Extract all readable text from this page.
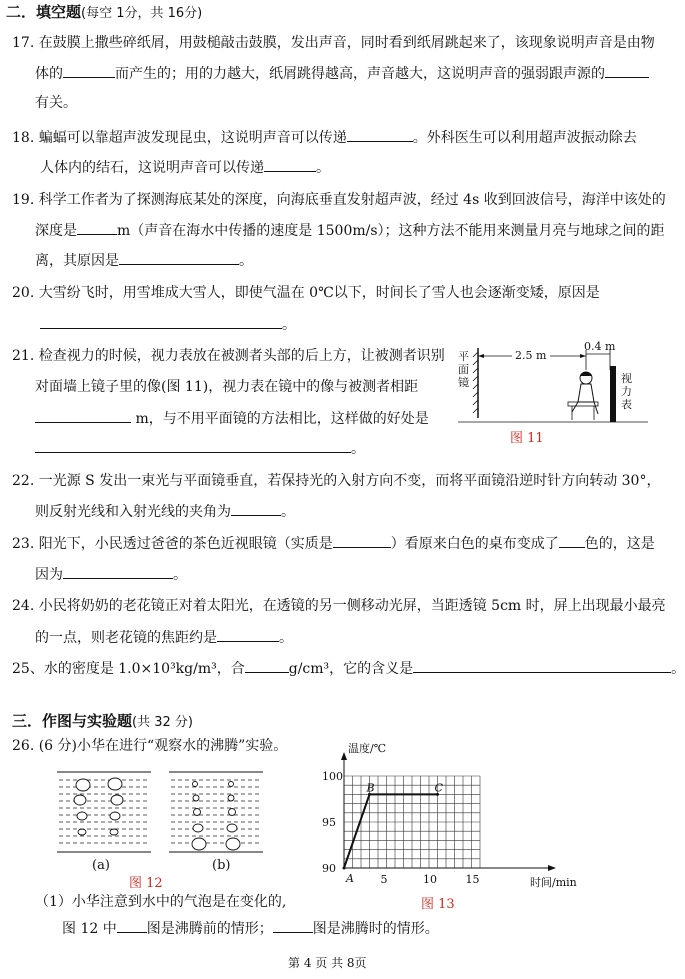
二．填空题(每空 1分，共 16分)
17. 在鼓膜上撒些碎纸屑，用鼓槌敲击鼓膜，发出声音，同时看到纸屑跳起来了，该现象说明声音是由物
体的	而产生的；用的力越大，纸屑跳得越高，声音越大，这说明声音的强弱跟声源的
有关。
18. 蝙蝠可以靠超声波发现昆虫，这说明声音可以传递	。外科医生可以利用超声波振动除去
人体内的结石，这说明声音可以传递	。
19. 科学工作者为了探测海底某处的深度，向海底垂直发射超声波，经过 4s 收到回波信号，海洋中该处的
深度是	m（声音在海水中传播的速度是 1500m/s）；这种方法不能用来测量月亮与地球之间的距
离，其原因是	。
20. 大雪纷飞时，用雪堆成大雪人，即使气温在 0℃以下，时间长了雪人也会逐渐变矮，原因是
。
21. 检查视力的时候，视力表放在被测者头部的后上方，让被测者识别
对面墙上镜子里的像(图 11)，视力表在镜中的像与被测者相距
m，与不用平面镜的方法相比，这样做的好处是
。
平
面
镜
2.5 m
0.4 m
视
力
表
图 11
22. 一光源 S 发出一束光与平面镜垂直，若保持光的入射方向不变，而将平面镜沿逆时针方向转动 30°，
则反射光线和入射光线的夹角为	。
23. 阳光下，小民透过爸爸的茶色近视眼镜（实质是	）看原来白色的桌布变成了 色的，这是
因为	。
24. 小民将奶奶的老花镜正对着太阳光，在透镜的另一侧移动光屏，当距透镜 5cm 时，屏上出现最小最亮
的一点，则老花镜的焦距约是	。
25、水的密度是 1.0×10³kg/m³，合	g/cm³，它的含义是	。
三．作图与实验题(共 32 分)
26. (6 分)小华在进行“观察水的沸腾”实验。
(a)	(b)
图 12
90
95
100
5	10	15
温度/℃
时间/min
A
B	C
图 13
（1）小华注意到水中的气泡是在变化的,
图 12 中 图是沸腾前的情形；	图是沸腾时的情形。
第 4 页 共 8页
